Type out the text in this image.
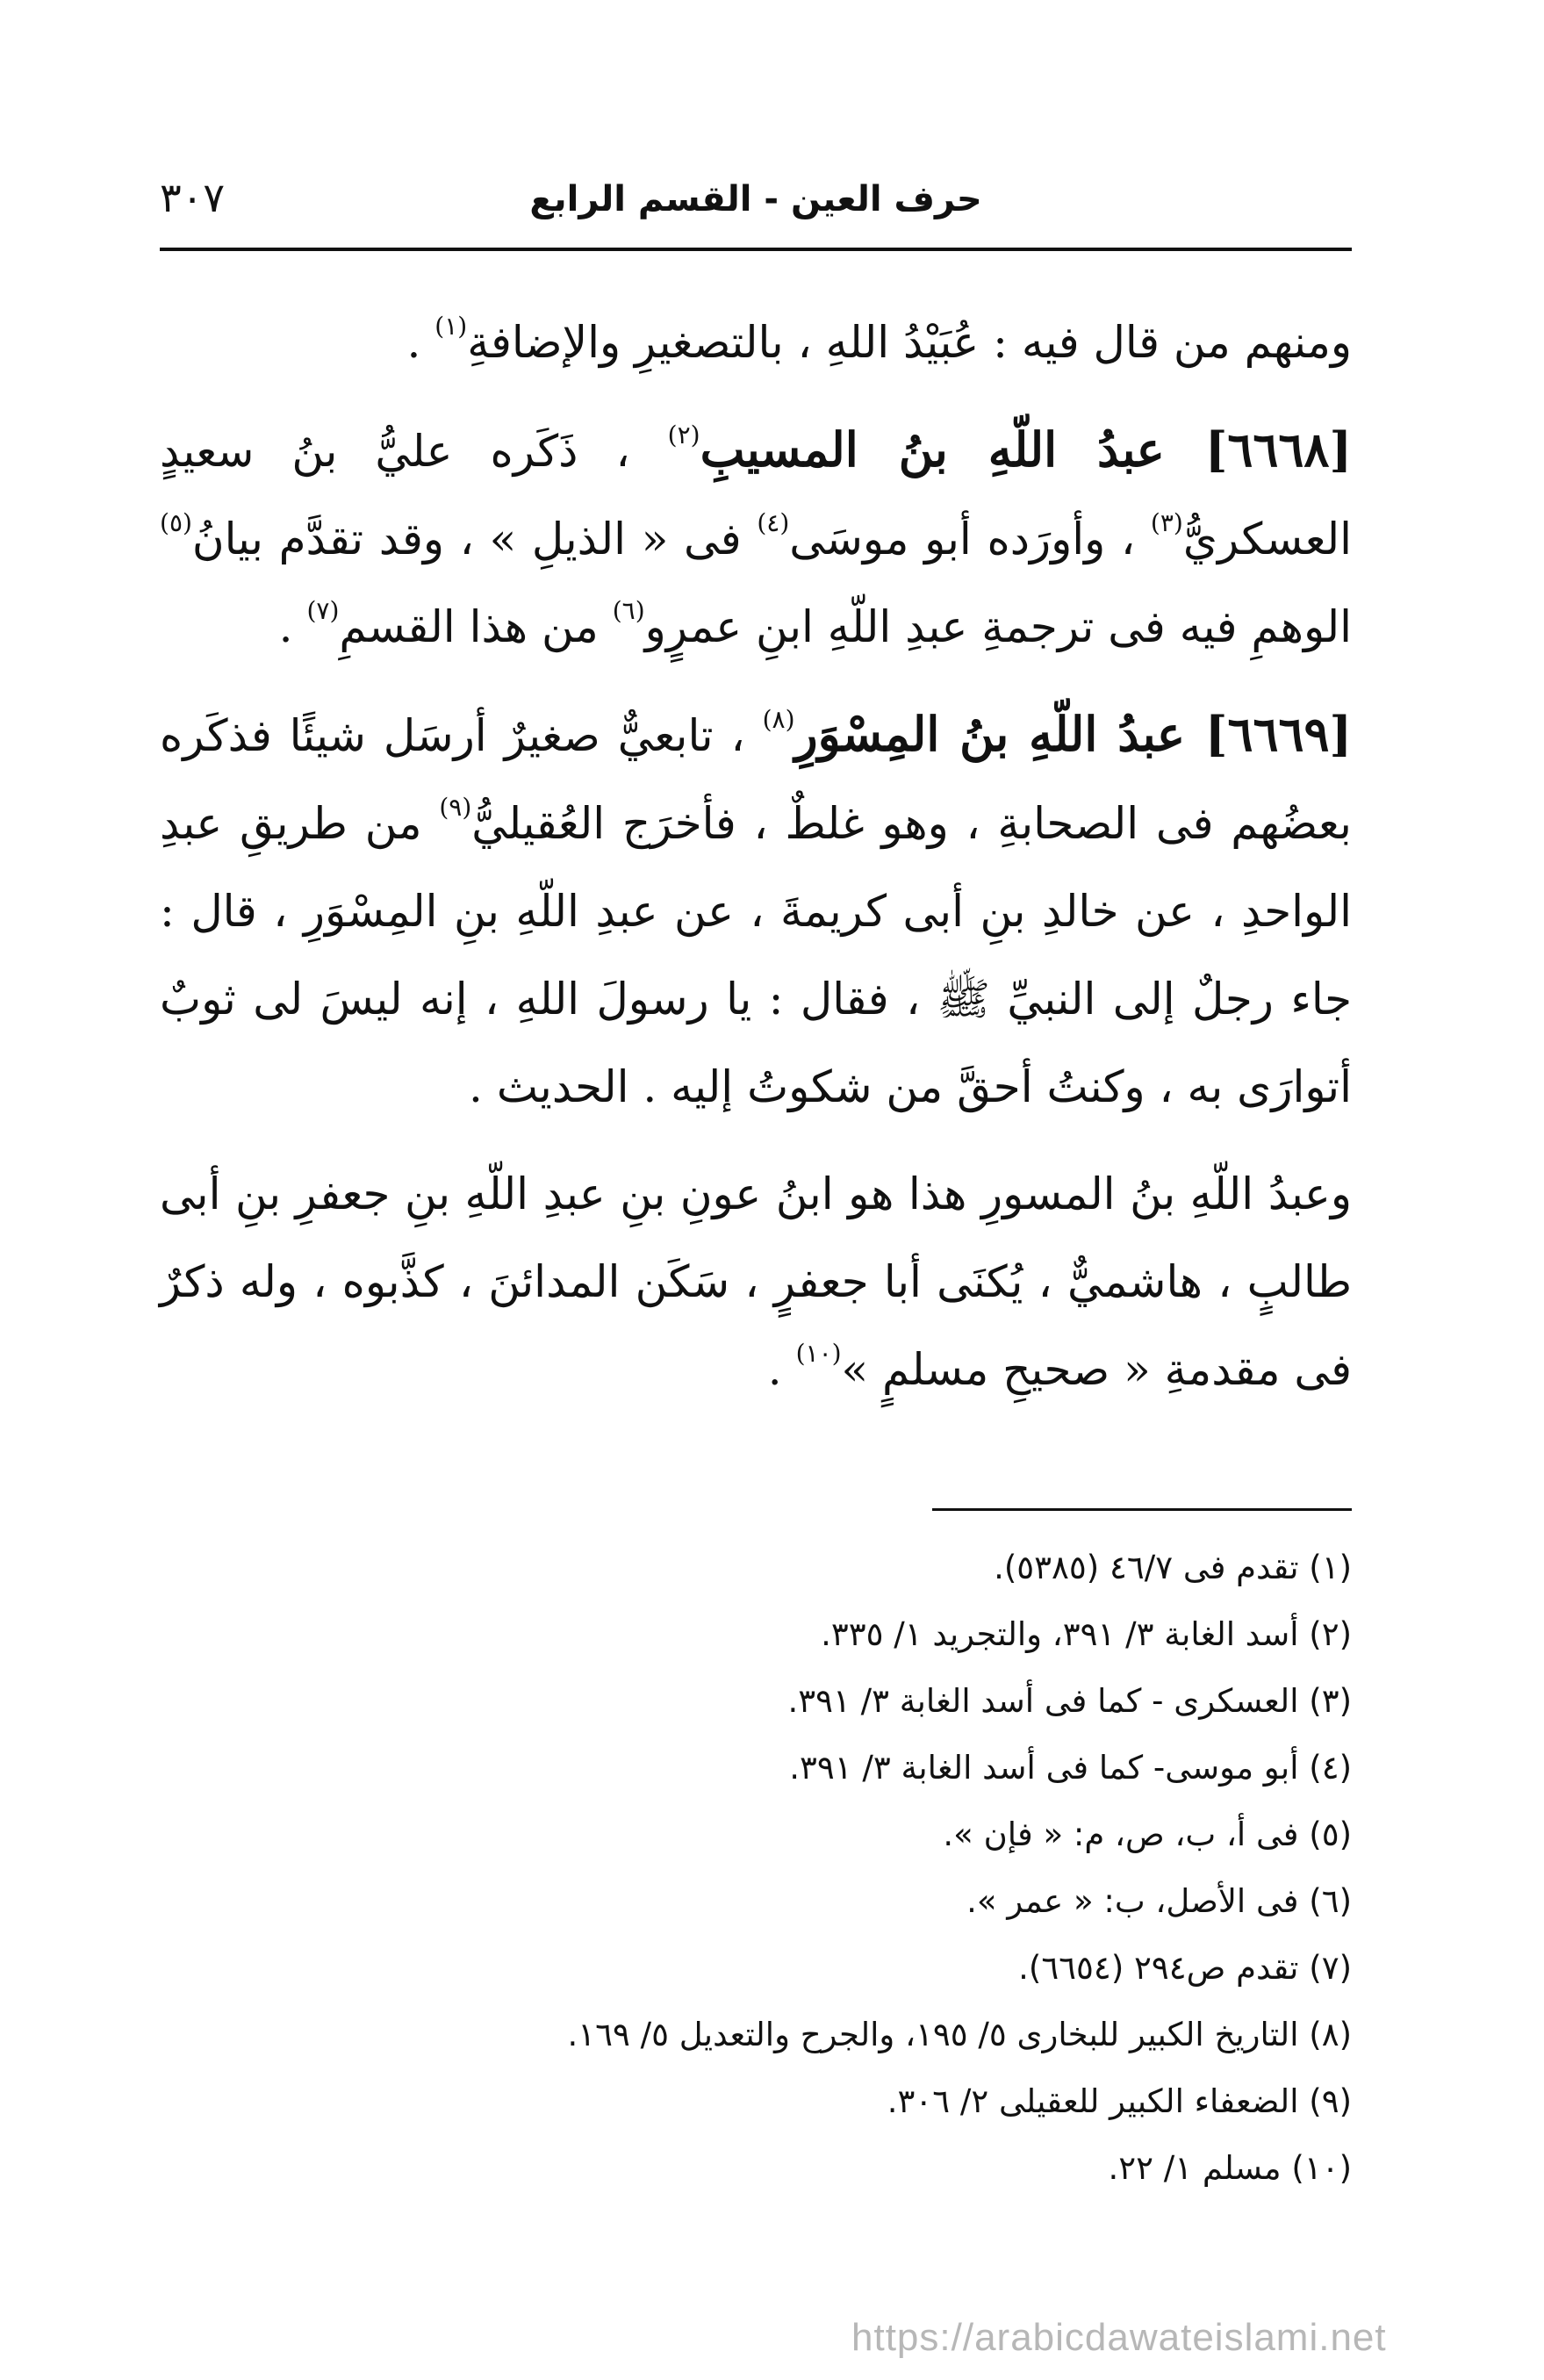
حرف العين - القسم الرابع
٣٠٧

ومنهم من قال فيه : عُبَيْدُ اللهِ ، بالتصغيرِ والإضافةِ$^{(١)}$ .

[٦٦٦٨] عبدُ اللّهِ بنُ المسيبِ$^{(٢)}$ ، ذَكَره عليُّ بنُ سعيدٍ العسكريُّ$^{(٣)}$ ، وأورَده أبو موسَى$^{(٤)}$ فى « الذيلِ » ، وقد تقدَّم بيانُ$^{(٥)}$ الوهمِ فيه فى ترجمةِ عبدِ اللّهِ ابنِ عمرٍو$^{(٦)}$ من هذا القسمِ$^{(٧)}$ .

[٦٦٦٩] عبدُ اللّهِ بنُ المِسْوَرِ$^{(٨)}$ ، تابعيٌّ صغيرٌ أرسَل شيئًا فذكَره بعضُهم فى الصحابةِ ، وهو غلطٌ ، فأخرَج العُقيليُّ$^{(٩)}$ من طريقِ عبدِ الواحدِ ، عن خالدِ بنِ أبى كريمةَ ، عن عبدِ اللّهِ بنِ المِسْوَرِ ، قال : جاء رجلٌ إلى النبيِّ ﷺ ، فقال : يا رسولَ اللهِ ، إنه ليسَ لى ثوبٌ أتوارَى به ، وكنتُ أحقَّ من شكوتُ إليه . الحديث .

وعبدُ اللّهِ بنُ المسورِ هذا هو ابنُ عونِ بنِ عبدِ اللّهِ بنِ جعفرِ بنِ أبى طالبٍ ، هاشميٌّ ، يُكنَى أبا جعفرٍ ، سَكَن المدائنَ ، كذَّبوه ، وله ذكرٌ فى مقدمةِ « صحيحِ مسلمٍ »$^{(١٠)}$ .

(١) تقدم فى ٧/‏٤٦ (٥٣٨٥).

(٢) أسد الغابة ٣/‏ ٣٩١، والتجريد ١/‏ ٣٣٥.

(٣) العسكرى - كما فى أسد الغابة ٣/‏ ٣٩١.

(٤) أبو موسى- كما فى أسد الغابة ٣/‏ ٣٩١.

(٥) فى أ، ب، ص، م: « فإن ».

(٦) فى الأصل، ب: « عمر ».

(٧) تقدم ص٢٩٤ (٦٦٥٤).

(٨) التاريخ الكبير للبخارى ٥/‏ ١٩٥، والجرح والتعديل ٥/‏ ١٦٩.

(٩) الضعفاء الكبير للعقيلى ٢/‏ ٣٠٦.

(١٠) مسلم ١/‏ ٢٢.

https://arabicdawateislami.net
